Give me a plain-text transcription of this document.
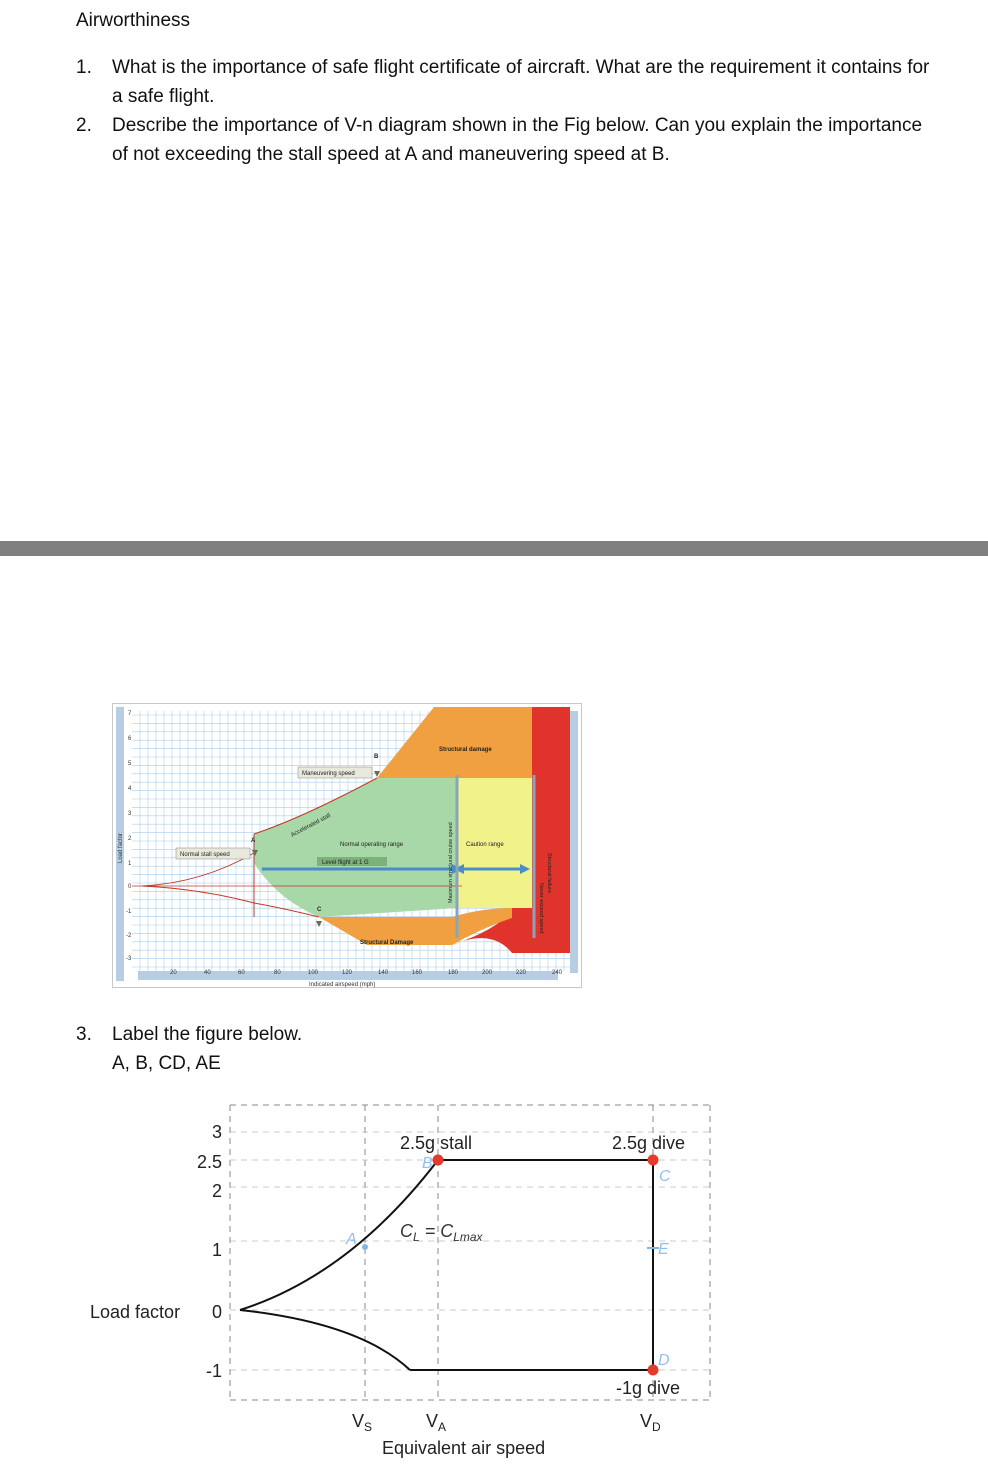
Airworthiness
1. What is the importance of safe flight certificate of aircraft. What are the requirement it contains for a safe flight.
2. Describe the importance of V-n diagram shown in the Fig below. Can you explain the importance of not exceeding the stall speed at A and maneuvering speed at B.
7
6
5
4
3
2
1
0
-1
-2
-3
Load factor
20	40	60	80	100	120	140	160	180	200	220	240
Indicated airspeed (mph)
Structural damage
Structural Damage
Maneuvering speed
Normal stall speed
Accelerated stall
Normal operating range
Level flight at 1 G
Caution range
Maximum structural cruise speed
Never exceed speed
Structural failure
A
B
C
3. Label the figure below.
A, B, CD, AE
3
2.5
2
1
0
-1
Load factor
2.5g stall	2.5g dive
-1g dive
$C_L = C_{Lmax}$
$V_S$	$V_A$	$V_D$
Equivalent air speed
A
B
C
D
E
